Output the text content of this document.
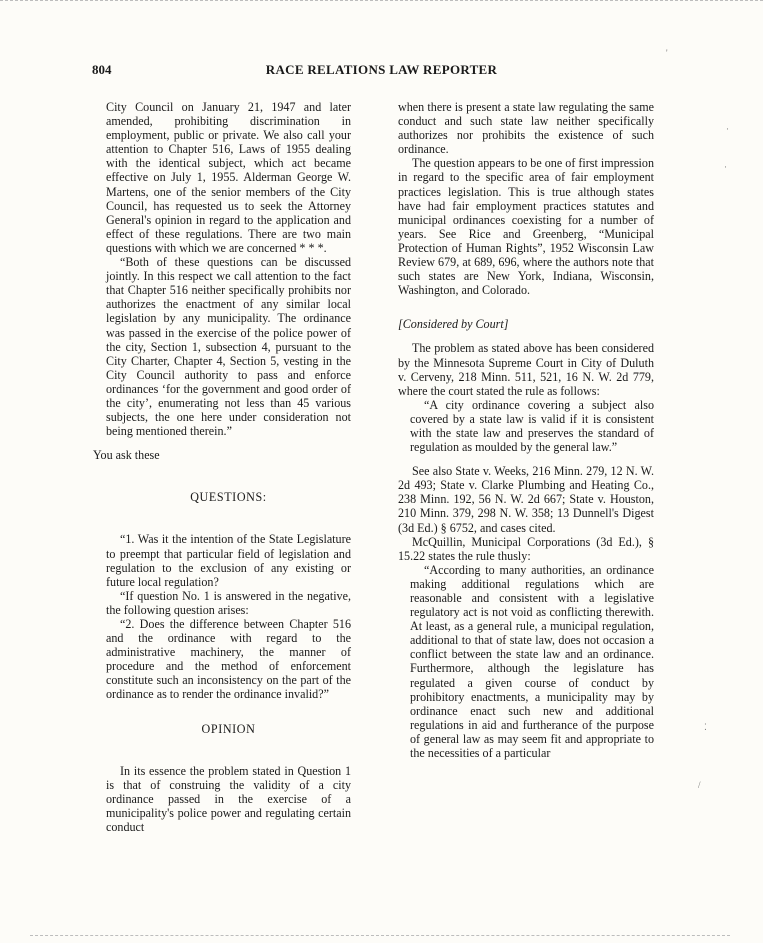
804	RACE RELATIONS LAW REPORTER

City Council on January 21, 1947 and later amended, prohibiting discrimination in employment, public or private. We also call your attention to Chapter 516, Laws of 1955 dealing with the identical subject, which act became effective on July 1, 1955. Alderman George W. Martens, one of the senior members of the City Council, has requested us to seek the Attorney General's opinion in regard to the application and effect of these regulations. There are two main questions with which we are concerned * * *.

“Both of these questions can be discussed jointly. In this respect we call attention to the fact that Chapter 516 neither specifically prohibits nor authorizes the enactment of any similar local legislation by any municipality. The ordinance was passed in the exercise of the police power of the city, Section 1, subsection 4, pursuant to the City Charter, Chapter 4, Section 5, vesting in the City Council authority to pass and enforce ordinances ‘for the government and good order of the city’, enumerating not less than 45 various subjects, the one here under consideration not being mentioned therein.”

You ask these

QUESTIONS:

“1. Was it the intention of the State Legislature to preempt that particular field of legislation and regulation to the exclusion of any existing or future local regulation?

“If question No. 1 is answered in the negative, the following question arises:

“2. Does the difference between Chapter 516 and the ordinance with regard to the administrative machinery, the manner of procedure and the method of enforcement constitute such an inconsistency on the part of the ordinance as to render the ordinance invalid?”

OPINION

In its essence the problem stated in Question 1 is that of construing the validity of a city ordinance passed in the exercise of a municipality's police power and regulating certain conduct

when there is present a state law regulating the same conduct and such state law neither specifically authorizes nor prohibits the existence of such ordinance.

The question appears to be one of first impression in regard to the specific area of fair employment practices legislation. This is true although states have had fair employment practices statutes and municipal ordinances coexisting for a number of years. See Rice and Greenberg, “Municipal Protection of Human Rights”, 1952 Wisconsin Law Review 679, at 689, 696, where the authors note that such states are New York, Indiana, Wisconsin, Washington, and Colorado.

[Considered by Court]

The problem as stated above has been considered by the Minnesota Supreme Court in City of Duluth v. Cerveny, 218 Minn. 511, 521, 16 N. W. 2d 779, where the court stated the rule as follows:

“A city ordinance covering a subject also covered by a state law is valid if it is consistent with the state law and preserves the standard of regulation as moulded by the general law.”

See also State v. Weeks, 216 Minn. 279, 12 N. W. 2d 493; State v. Clarke Plumbing and Heating Co., 238 Minn. 192, 56 N. W. 2d 667; State v. Houston, 210 Minn. 379, 298 N. W. 358; 13 Dunnell's Digest (3d Ed.) § 6752, and cases cited.

McQuillin, Municipal Corporations (3d Ed.), § 15.22 states the rule thusly:

“According to many authorities, an ordinance making additional regulations which are reasonable and consistent with a legislative regulatory act is not void as conflicting therewith. At least, as a general rule, a municipal regulation, additional to that of state law, does not occasion a conflict between the state law and an ordinance. Furthermore, although the legislature has regulated a given course of conduct by prohibitory enactments, a municipality may by ordinance enact such new and additional regulations in aid and furtherance of the purpose of general law as may seem fit and appropriate to the necessities of a particular

'
·
·
⁚
/
